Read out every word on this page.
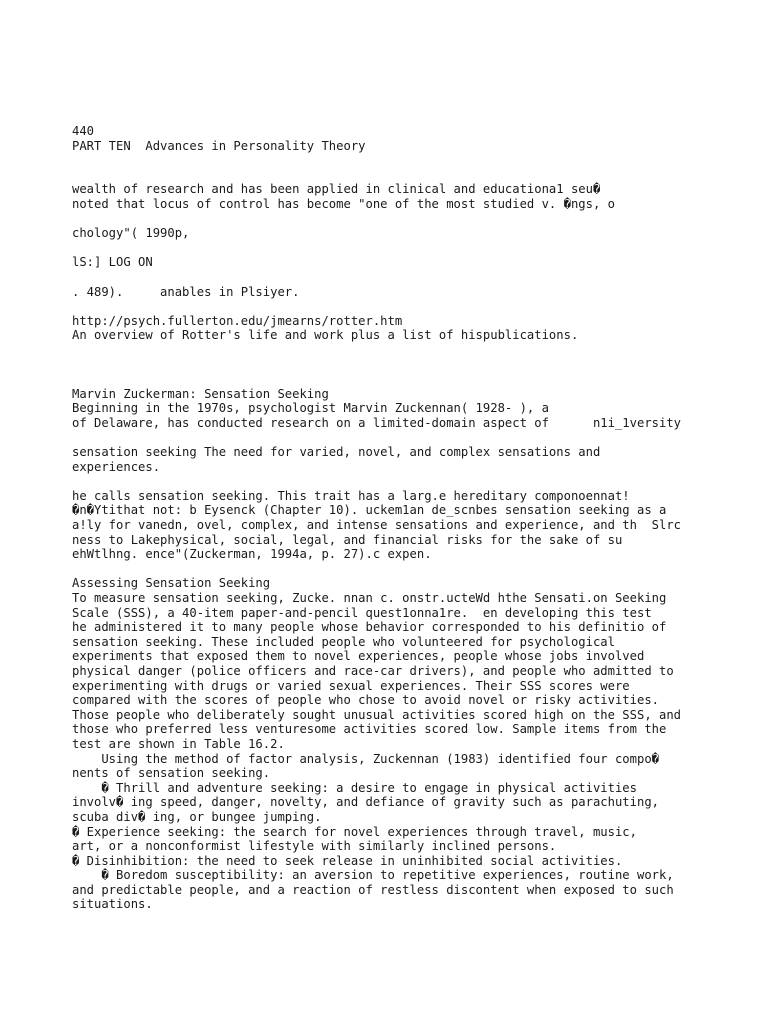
440
PART TEN  Advances in Personality Theory
wealth of research and has been applied in clinical and educationa1 seu�
noted that locus of control has become "one of the most studied v. �ngs, o
chology"( 1990p,
lS:] LOG ON
. 489).     anables in Plsiyer.
http://psych.fullerton.edu/jmearns/rotter.htm
An overview of Rotter's life and work plus a list of hispublications.
Marvin Zuckerman: Sensation Seeking
Beginning in the 1970s, psychologist Marvin Zuckennan( 1928- ), a
of Delaware, has conducted research on a limited-domain aspect of      n1i_1versity
sensation seeking The need for varied, novel, and complex sensations and
experiences.
he calls sensation seeking. This trait has a larg.e hereditary componoennat!
�n�Ytithat not: b Eysenck (Chapter 10). uckem1an de_scnbes sensation seeking as a
a!ly for vanedn, ovel, complex, and intense sensations and experience, and th  Slrc
ness to Lakephysical, social, legal, and financial risks for the sake of su
ehWtlhng. ence"(Zuckerman, 1994a, p. 27).c expen.
Assessing Sensation Seeking
To measure sensation seeking, Zucke. nnan c. onstr.ucteWd hthe Sensati.on Seeking
Scale (SSS), a 40-item paper-and-pencil quest1onna1re.  en developing this test
he administered it to many people whose behavior corresponded to his definitio of
sensation seeking. These included people who volunteered for psychological
experiments that exposed them to novel experiences, people whose jobs involved
physical danger (police officers and race-car drivers), and people who admitted to
experimenting with drugs or varied sexual experiences. Their SSS scores were
compared with the scores of people who chose to avoid novel or risky activities.
Those people who deliberately sought unusual activities scored high on the SSS, and
those who preferred less venturesome activities scored low. Sample items from the
test are shown in Table 16.2.
Using the method of factor analysis, Zuckennan (1983) identified four compo�
nents of sensation seeking.
� Thrill and adventure seeking: a desire to engage in physical activities
involv� ing speed, danger, novelty, and defiance of gravity such as parachuting,
scuba div� ing, or bungee jumping.
� Experience seeking: the search for novel experiences through travel, music,
art, or a nonconformist lifestyle with similarly inclined persons.
� Disinhibition: the need to seek release in uninhibited social activities.
� Boredom susceptibility: an aversion to repetitive experiences, routine work,
and predictable people, and a reaction of restless discontent when exposed to such
situations.
